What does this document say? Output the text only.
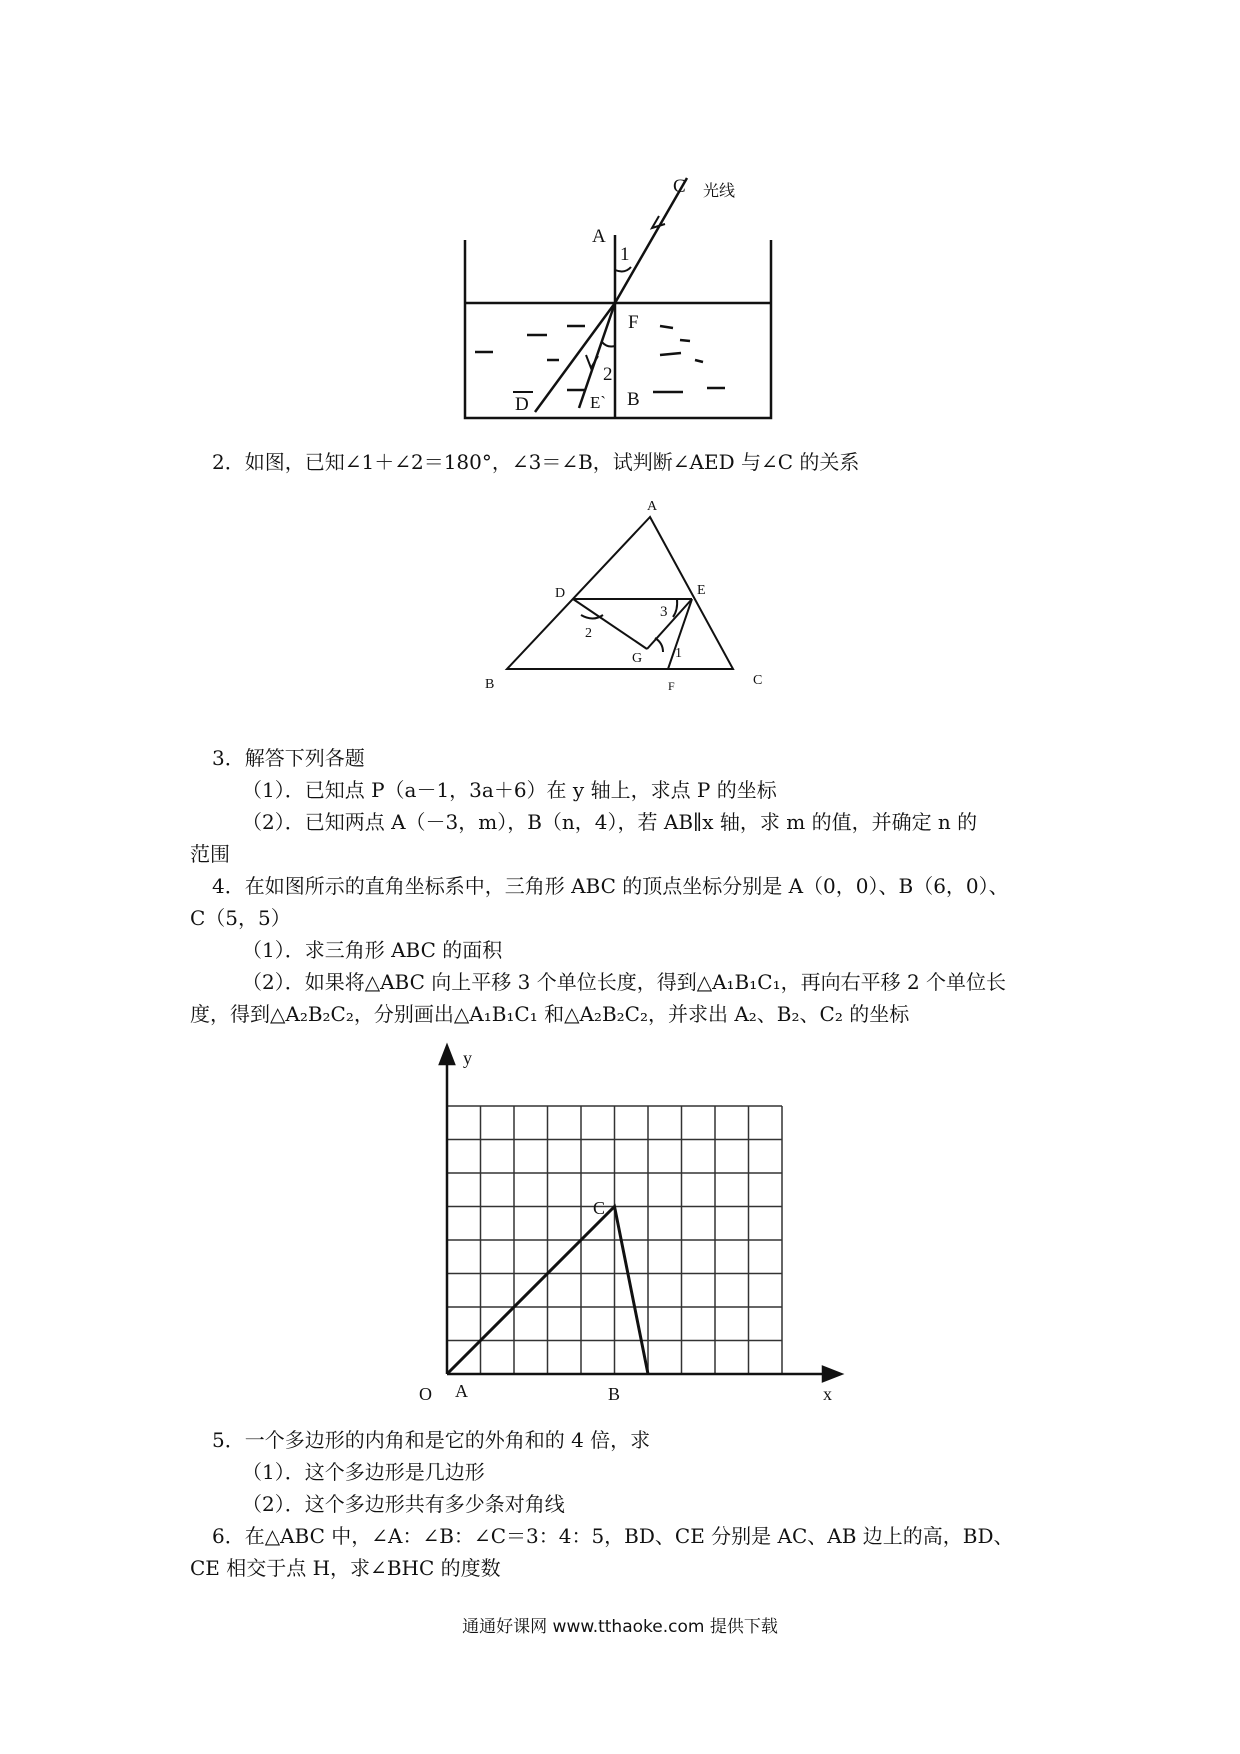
C 光线
A
1
F
2
B
D	E`
2．如图，已知∠1＋∠2＝180°，∠3＝∠B，试判断∠AED 与∠C 的关系
A
D	E
3
2
G 1
B	F	C
3．解答下列各题
（1）．已知点 P（a－1，3a＋6）在 y 轴上，求点 P 的坐标
（2）．已知两点 A（－3，m），B（n，4），若 AB∥x 轴，求 m 的值，并确定 n 的
范围
4．在如图所示的直角坐标系中，三角形 ABC 的顶点坐标分别是 A（0，0）、B（6，0）、
C（5，5）
（1）．求三角形 ABC 的面积
（2）．如果将△ABC 向上平移 3 个单位长度，得到△A₁B₁C₁，再向右平移 2 个单位长
度，得到△A₂B₂C₂，分别画出△A₁B₁C₁ 和△A₂B₂C₂，并求出 A₂、B₂、C₂ 的坐标
y
x
O A	B
C
5．一个多边形的内角和是它的外角和的 4 倍，求
（1）．这个多边形是几边形
（2）．这个多边形共有多少条对角线
6．在△ABC 中，∠A：∠B：∠C＝3：4：5，BD、CE 分别是 AC、AB 边上的高，BD、
CE 相交于点 H，求∠BHC 的度数
通通好课网 www.tthaoke.com 提供下载
